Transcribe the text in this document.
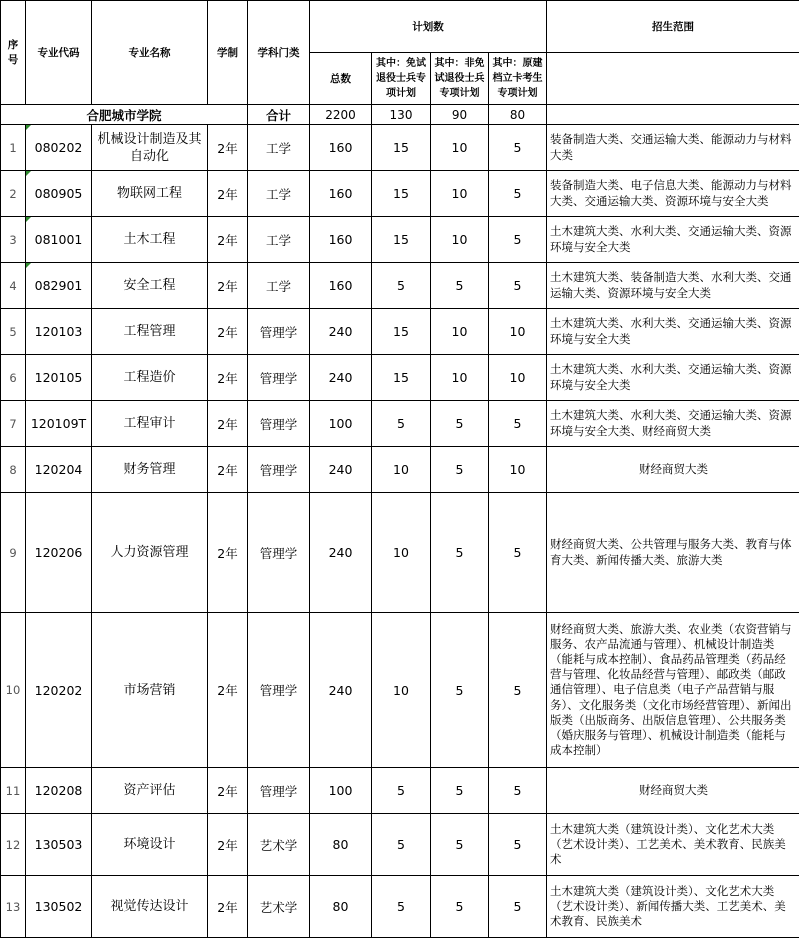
序号	专业代码	专业名称	学制	学科门类	计划数				招生范围
					总数	其中：免试退役士兵专项计划	其中：非免试退役士兵专项计划	其中：原建档立卡考生专项计划	
合肥城市学院				合计	2200	130	90	80	
1	080202	机械设计制造及其自动化	2年	工学	160	15	10	5	装备制造大类、交通运输大类、能源动力与材料大类
2	080905	物联网工程	2年	工学	160	15	10	5	装备制造大类、电子信息大类、能源动力与材料大类、交通运输大类、资源环境与安全大类
3	081001	土木工程	2年	工学	160	15	10	5	土木建筑大类、水利大类、交通运输大类、资源环境与安全大类
4	082901	安全工程	2年	工学	160	5	5	5	土木建筑大类、装备制造大类、水利大类、交通运输大类、资源环境与安全大类
5	120103	工程管理	2年	管理学	240	15	10	10	土木建筑大类、水利大类、交通运输大类、资源环境与安全大类
6	120105	工程造价	2年	管理学	240	15	10	10	土木建筑大类、水利大类、交通运输大类、资源环境与安全大类
7	120109T	工程审计	2年	管理学	100	5	5	5	土木建筑大类、水利大类、交通运输大类、资源环境与安全大类、财经商贸大类
8	120204	财务管理	2年	管理学	240	10	5	10	财经商贸大类
9	120206	人力资源管理	2年	管理学	240	10	5	5	财经商贸大类、公共管理与服务大类、教育与体育大类、新闻传播大类、旅游大类
10	120202	市场营销	2年	管理学	240	10	5	5	财经商贸大类、旅游大类、农业类（农资营销与服务、农产品流通与管理）、机械设计制造类（能耗与成本控制）、食品药品管理类（药品经营与管理、化妆品经营与管理）、邮政类（邮政通信管理）、电子信息类（电子产品营销与服务）、文化服务类（文化市场经营管理）、新闻出版类（出版商务、出版信息管理）、公共服务类（婚庆服务与管理）、机械设计制造类（能耗与成本控制）
11	120208	资产评估	2年	管理学	100	5	5	5	财经商贸大类
12	130503	环境设计	2年	艺术学	80	5	5	5	土木建筑大类（建筑设计类）、文化艺术大类（艺术设计类）、工艺美术、美术教育、民族美术
13	130502	视觉传达设计	2年	艺术学	80	5	5	5	土木建筑大类（建筑设计类）、文化艺术大类（艺术设计类）、新闻传播大类、工艺美术、美术教育、民族美术
